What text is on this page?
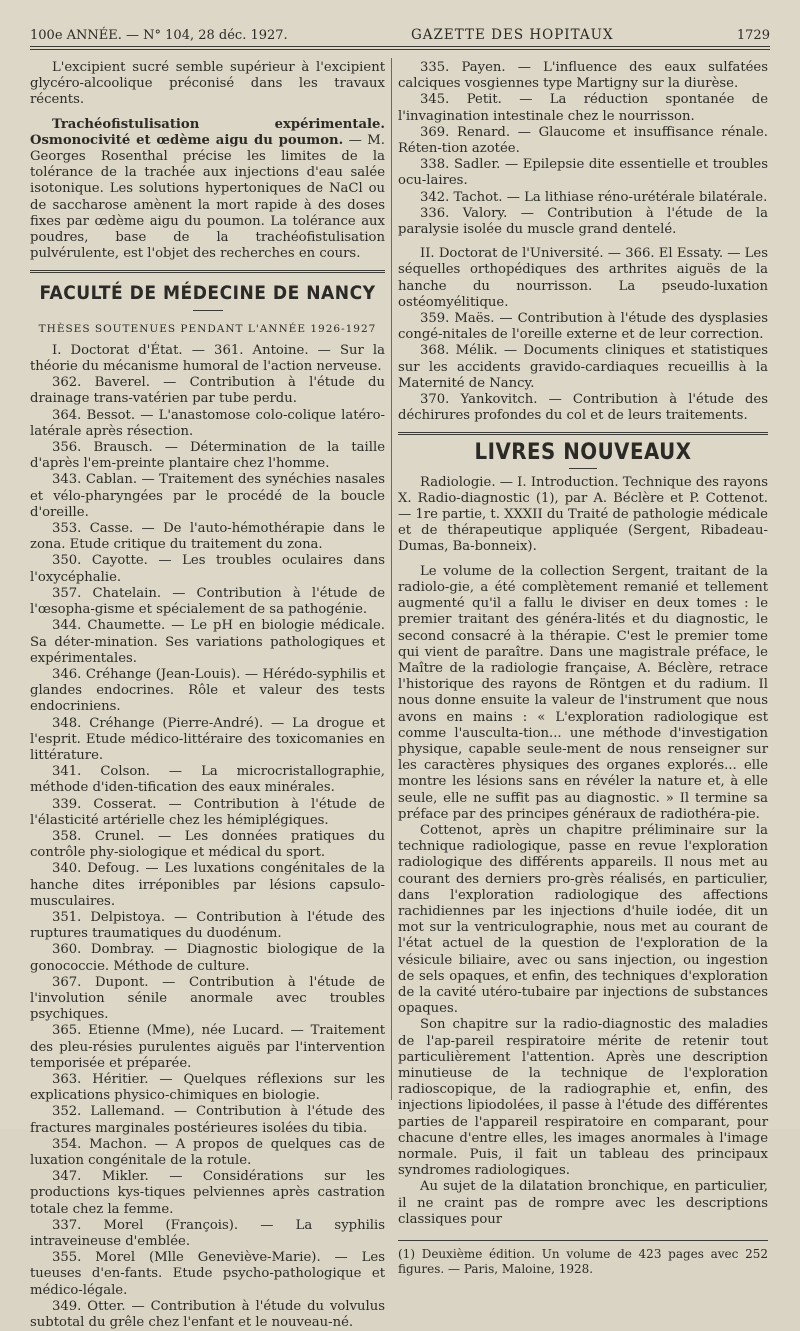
100e ANNÉE. — N° 104, 28 déc. 1927.	GAZETTE DES HOPITAUX	1729

L'excipient sucré semble supérieur à l'excipient glycéro-alcoolique préconisé dans les travaux récents.

Trachéofistulisation expérimentale. Osmonocivité et œdème aigu du poumon. — M. Georges Rosenthal précise les limites de la tolérance de la trachée aux injections d'eau salée isotonique. Les solutions hypertoniques de NaCl ou de saccharose amènent la mort rapide à des doses fixes par œdème aigu du poumon. La tolérance aux poudres, base de la trachéofistulisation pulvérulente, est l'objet des recherches en cours.

FACULTÉ DE MÉDECINE DE NANCY
THÈSES SOUTENUES PENDANT L'ANNÉE 1926-1927

I. Doctorat d'État. — 361. Antoine. — Sur la théorie du mécanisme humoral de l'action nerveuse.

362. Baverel. — Contribution à l'étude du drainage trans-vatérien par tube perdu.

364. Bessot. — L'anastomose colo-colique latéro-latérale après résection.

356. Brausch. — Détermination de la taille d'après l'em-preinte plantaire chez l'homme.

343. Cablan. — Traitement des synéchies nasales et vélo-pharyngées par le procédé de la boucle d'oreille.

353. Casse. — De l'auto-hémothérapie dans le zona. Etude critique du traitement du zona.

350. Cayotte. — Les troubles oculaires dans l'oxycéphalie.

357. Chatelain. — Contribution à l'étude de l'œsopha-gisme et spécialement de sa pathogénie.

344. Chaumette. — Le pH en biologie médicale. Sa déter-mination. Ses variations pathologiques et expérimentales.

346. Créhange (Jean-Louis). — Hérédo-syphilis et glandes endocrines. Rôle et valeur des tests endocriniens.

348. Créhange (Pierre-André). — La drogue et l'esprit. Etude médico-littéraire des toxicomanies en littérature.

341. Colson. — La microcristallographie, méthode d'iden-tification des eaux minérales.

339. Cosserat. — Contribution à l'étude de l'élasticité artérielle chez les hémiplégiques.

358. Crunel. — Les données pratiques du contrôle phy-siologique et médical du sport.

340. Defoug. — Les luxations congénitales de la hanche dites irréponibles par lésions capsulo-musculaires.

351. Delpistoya. — Contribution à l'étude des ruptures traumatiques du duodénum.

360. Dombray. — Diagnostic biologique de la gonococcie. Méthode de culture.

367. Dupont. — Contribution à l'étude de l'involution sénile anormale avec troubles psychiques.

365. Etienne (Mme), née Lucard. — Traitement des pleu-résies purulentes aiguës par l'intervention temporisée et préparée.

363. Héritier. — Quelques réflexions sur les explications physico-chimiques en biologie.

352. Lallemand. — Contribution à l'étude des fractures marginales postérieures isolées du tibia.

354. Machon. — A propos de quelques cas de luxation congénitale de la rotule.

347. Mikler. — Considérations sur les productions kys-tiques pelviennes après castration totale chez la femme.

337. Morel (François). — La syphilis intraveineuse d'emblée.

355. Morel (Mlle Geneviève-Marie). — Les tueuses d'en-fants. Etude psycho-pathologique et médico-légale.

349. Otter. — Contribution à l'étude du volvulus subtotal du grêle chez l'enfant et le nouveau-né.

335. Payen. — L'influence des eaux sulfatées calciques vosgiennes type Martigny sur la diurèse.

345. Petit. — La réduction spontanée de l'invagination intestinale chez le nourrisson.

369. Renard. — Glaucome et insuffisance rénale. Réten-tion azotée.

338. Sadler. — Epilepsie dite essentielle et troubles ocu-laires.

342. Tachot. — La lithiase réno-urétérale bilatérale.

336. Valory. — Contribution à l'étude de la paralysie isolée du muscle grand dentelé.

II. Doctorat de l'Université. — 366. El Essaty. — Les séquelles orthopédiques des arthrites aiguës de la hanche du nourrisson. La pseudo-luxation ostéomyélitique.

359. Maës. — Contribution à l'étude des dysplasies congé-nitales de l'oreille externe et de leur correction.

368. Mélik. — Documents cliniques et statistiques sur les accidents gravido-cardiaques recueillis à la Maternité de Nancy.

370. Yankovitch. — Contribution à l'étude des déchirures profondes du col et de leurs traitements.

LIVRES NOUVEAUX

Radiologie. — I. Introduction. Technique des rayons X. Radio-diagnostic (1), par A. Béclère et P. Cottenot. — 1re partie, t. XXXII du Traité de pathologie médicale et de thérapeutique appliquée (Sergent, Ribadeau-Dumas, Ba-bonneix).

Le volume de la collection Sergent, traitant de la radiolo-gie, a été complètement remanié et tellement augmenté qu'il a fallu le diviser en deux tomes : le premier traitant des généra-lités et du diagnostic, le second consacré à la thérapie. C'est le premier tome qui vient de paraître. Dans une magistrale préface, le Maître de la radiologie française, A. Béclère, retrace l'historique des rayons de Röntgen et du radium. Il nous donne ensuite la valeur de l'instrument que nous avons en mains : « L'exploration radiologique est comme l'ausculta-tion... une méthode d'investigation physique, capable seule-ment de nous renseigner sur les caractères physiques des organes explorés... elle montre les lésions sans en révéler la nature et, à elle seule, elle ne suffit pas au diagnostic. » Il termine sa préface par des principes généraux de radiothéra-pie.

Cottenot, après un chapitre préliminaire sur la technique radiologique, passe en revue l'exploration radiologique des différents appareils. Il nous met au courant des derniers pro-grès réalisés, en particulier, dans l'exploration radiologique des affections rachidiennes par les injections d'huile iodée, dit un mot sur la ventriculographie, nous met au courant de l'état actuel de la question de l'exploration de la vésicule biliaire, avec ou sans injection, ou ingestion de sels opaques, et enfin, des techniques d'exploration de la cavité utéro-tubaire par injections de substances opaques.

Son chapitre sur la radio-diagnostic des maladies de l'ap-pareil respiratoire mérite de retenir tout particulièrement l'attention. Après une description minutieuse de la technique de l'exploration radioscopique, de la radiographie et, enfin, des injections lipiodolées, il passe à l'étude des différentes parties de l'appareil respiratoire en comparant, pour chacune d'entre elles, les images anormales à l'image normale. Puis, il fait un tableau des principaux syndromes radiologiques.

Au sujet de la dilatation bronchique, en particulier, il ne craint pas de rompre avec les descriptions classiques pour

(1) Deuxième édition. Un volume de 423 pages avec 252 figures. — Paris, Maloine, 1928.
